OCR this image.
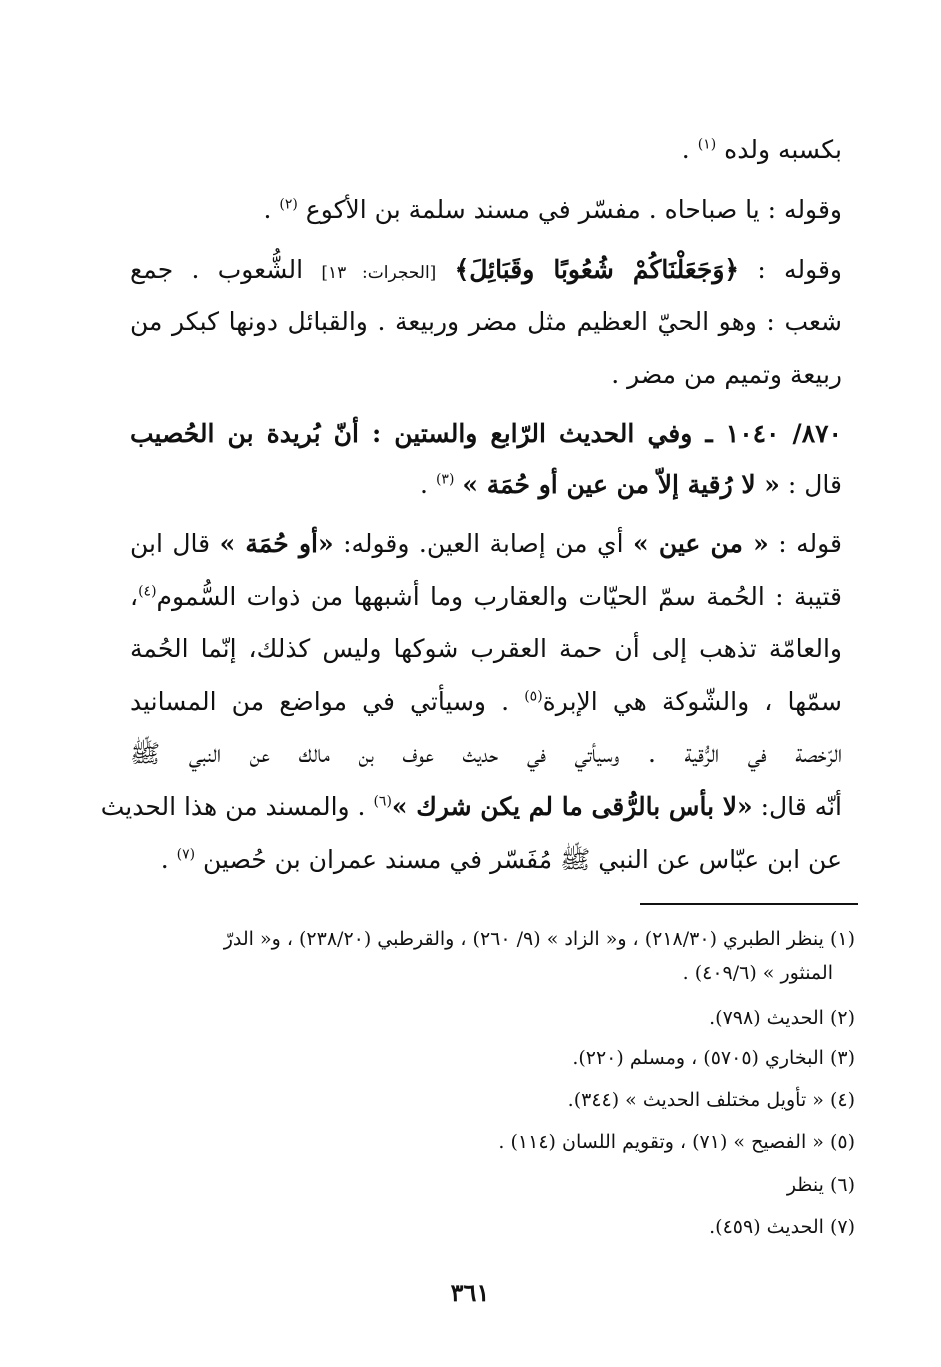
بكسبه ولده $^{(١)}$ .
وقوله : يا صباحاه . مفسّر في مسند سلمة بن الأكوع $^{(٢)}$ .
وقوله : ﴿وَجَعَلْنَاكُمْ شُعُوبًا وقَبَائِلَ﴾ [الحجرات: ١٣] الشُّعوب . جمع
شعب : وهو الحيّ العظيم مثل مضر وربيعة . والقبائل دونها كبكر من
ربيعة وتميم من مضر .
٨٧٠/ ١٠٤٠ ـ وفي الحديث الرّابع والستين : أنّ بُريدة بن الحُصيب
قال : « لا رُقية إلاّ من عين أو حُمَة » $^{(٣)}$ .
قوله : « من عين » أي من إصابة العين. وقوله: «أو حُمَة » قال ابن
قتيبة : الحُمة سمّ الحيّات والعقارب وما أشبهها من ذوات السُّموم$^{(٤)}$،
والعامّة تذهب إلى أن حمة العقرب شوكها وليس كذلك، إنّما الحُمة
سمّها ، والشّوكة هي الإبرة$^{(٥)}$ . وسيأتي في مواضع من المسانيد
الرّخصة في الرُّقية . وسيأتي في حديث عوف بن مالك عن النبي ﷺ
أنّه قال: «لا بأس بالرُّقى ما لم يكن شرك »$^{(٦)}$ . والمسند من هذا الحديث
عن ابن عبّاس عن النبي ﷺ مُفَسّر في مسند عمران بن حُصين $^{(٧)}$ .
(١) ينظر الطبري (٢١٨/٣٠) ، و« الزاد » (٩/ ٢٦٠) ، والقرطبي (٢٣٨/٢٠) ، و« الدرّ
المنثور » (٤٠٩/٦) .
(٢) الحديث (٧٩٨).
(٣) البخاري (٥٧٠٥) ، ومسلم (٢٢٠).
(٤) « تأويل مختلف الحديث » (٣٤٤).
(٥) « الفصيح » (٧١) ، وتقويم اللسان (١١٤) .
(٦) ينظر
(٧) الحديث (٤٥٩).
٣٦١
